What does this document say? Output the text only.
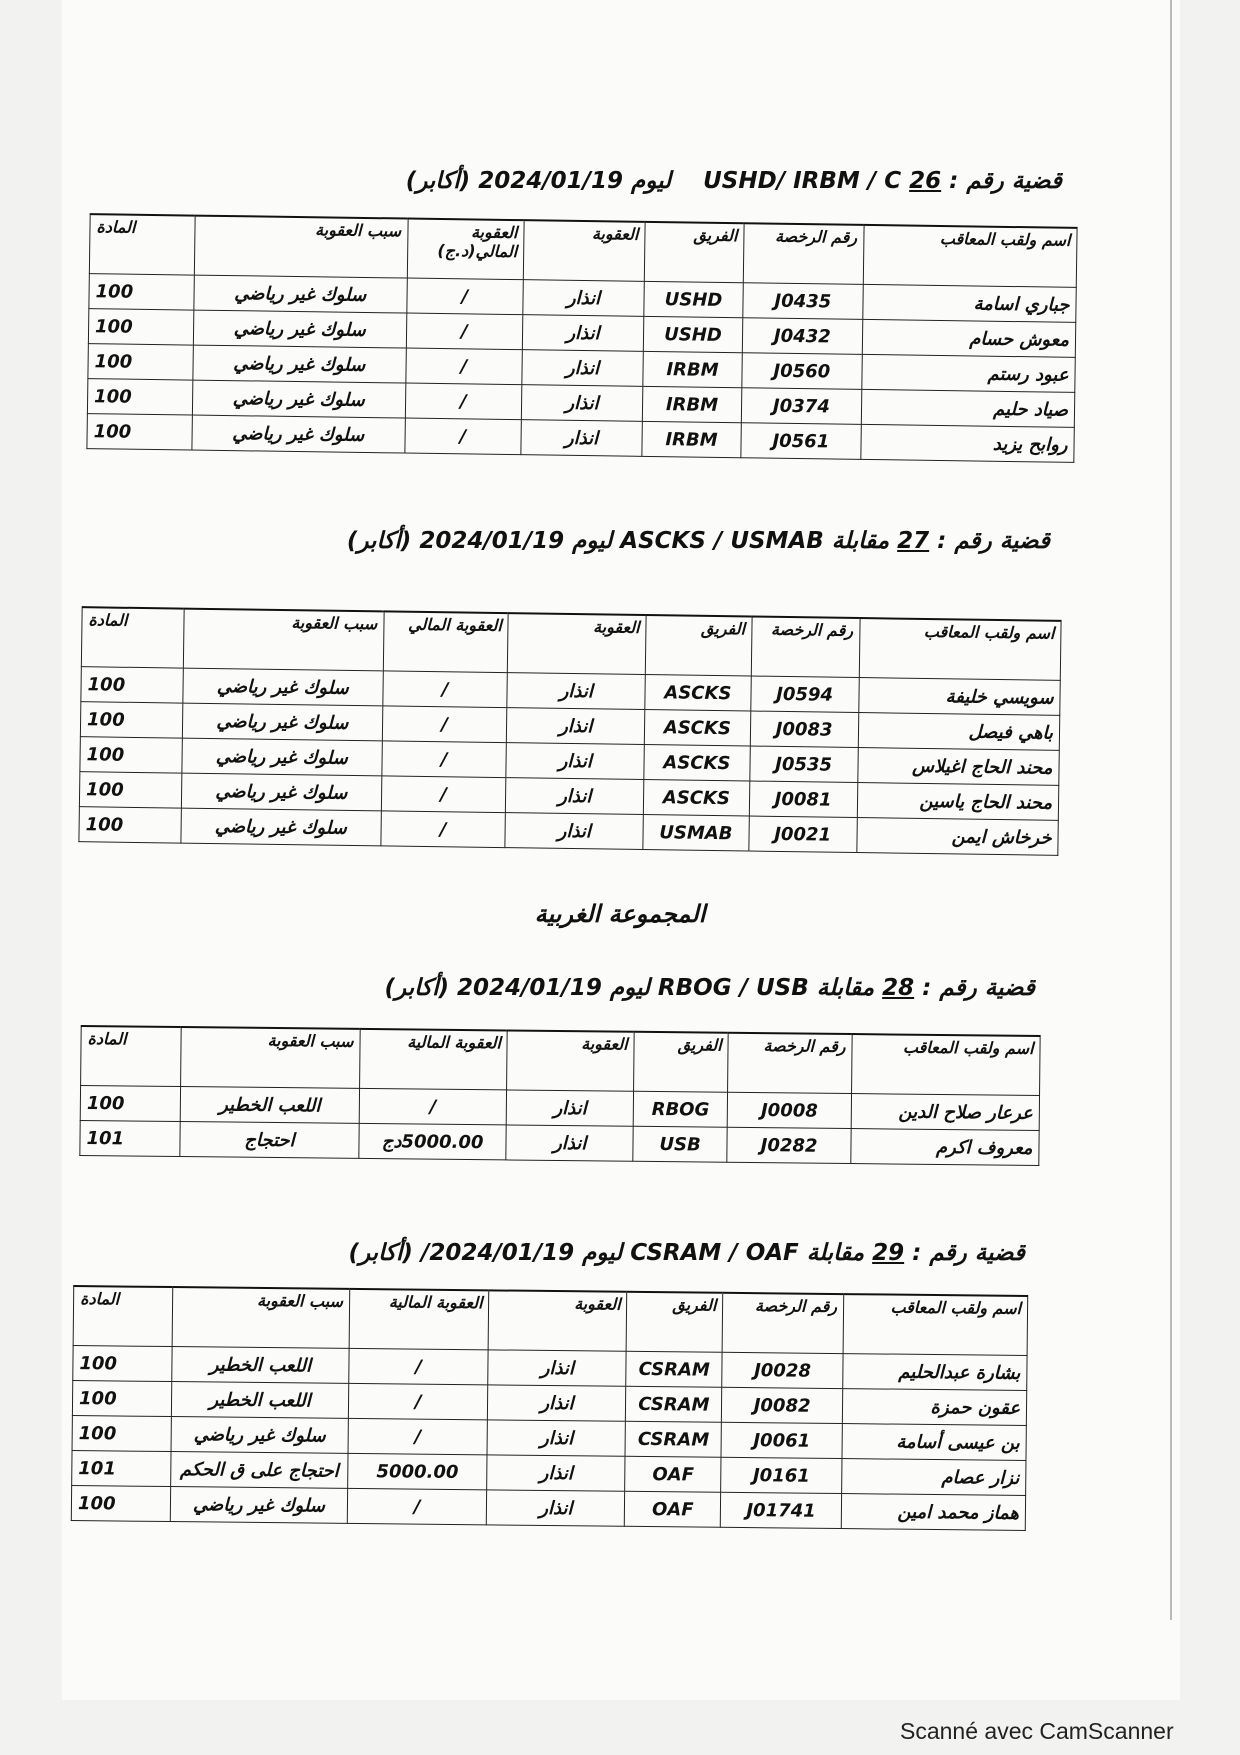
قضية رقم : 26 USHD/ IRBM / C    ليوم 2024/01/19 (أكابر)
اسم ولقب المعاقب	رقم الرخصة	الفريق	العقوبة	العقوبة المالي(د.ج)	سبب العقوبة	المادة
جباري اسامة	J0435	USHD	انذار	/	سلوك غير رياضي	100
معوش حسام	J0432	USHD	انذار	/	سلوك غير رياضي	100
عبود رستم	J0560	IRBM	انذار	/	سلوك غير رياضي	100
صياد حليم	J0374	IRBM	انذار	/	سلوك غير رياضي	100
روابح يزيد	J0561	IRBM	انذار	/	سلوك غير رياضي	100
قضية رقم : 27 مقابلة ASCKS / USMAB ليوم 2024/01/19 (أكابر)
اسم ولقب المعاقب	رقم الرخصة	الفريق	العقوبة	العقوبة المالي	سبب العقوبة	المادة
سويسي خليفة	J0594	ASCKS	انذار	/	سلوك غير رياضي	100
باهي فيصل	J0083	ASCKS	انذار	/	سلوك غير رياضي	100
محند الحاج اغيلاس	J0535	ASCKS	انذار	/	سلوك غير رياضي	100
محند الحاج ياسين	J0081	ASCKS	انذار	/	سلوك غير رياضي	100
خرخاش ايمن	J0021	USMAB	انذار	/	سلوك غير رياضي	100
المجموعة الغربية
قضية رقم : 28 مقابلة RBOG / USB ليوم 2024/01/19 (أكابر)
اسم ولقب المعاقب	رقم الرخصة	الفريق	العقوبة	العقوبة المالية	سبب العقوبة	المادة
عرعار صلاح الدين	J0008	RBOG	انذار	/	اللعب الخطير	100
معروف اكرم	J0282	USB	انذار	5000.00دج	احتجاج	101
قضية رقم : 29 مقابلة CSRAM / OAF ليوم 2024/01/19/ (أكابر)
اسم ولقب المعاقب	رقم الرخصة	الفريق	العقوبة	العقوبة المالية	سبب العقوبة	المادة
بشارة عبدالحليم	J0028	CSRAM	انذار	/	اللعب الخطير	100
عقون حمزة	J0082	CSRAM	انذار	/	اللعب الخطير	100
بن عيسى أسامة	J0061	CSRAM	انذار	/	سلوك غير رياضي	100
نزار عصام	J0161	OAF	انذار	5000.00	احتجاج على ق الحكم	101
هماز محمد امين	J01741	OAF	انذار	/	سلوك غير رياضي	100
Scanné avec CamScanner
